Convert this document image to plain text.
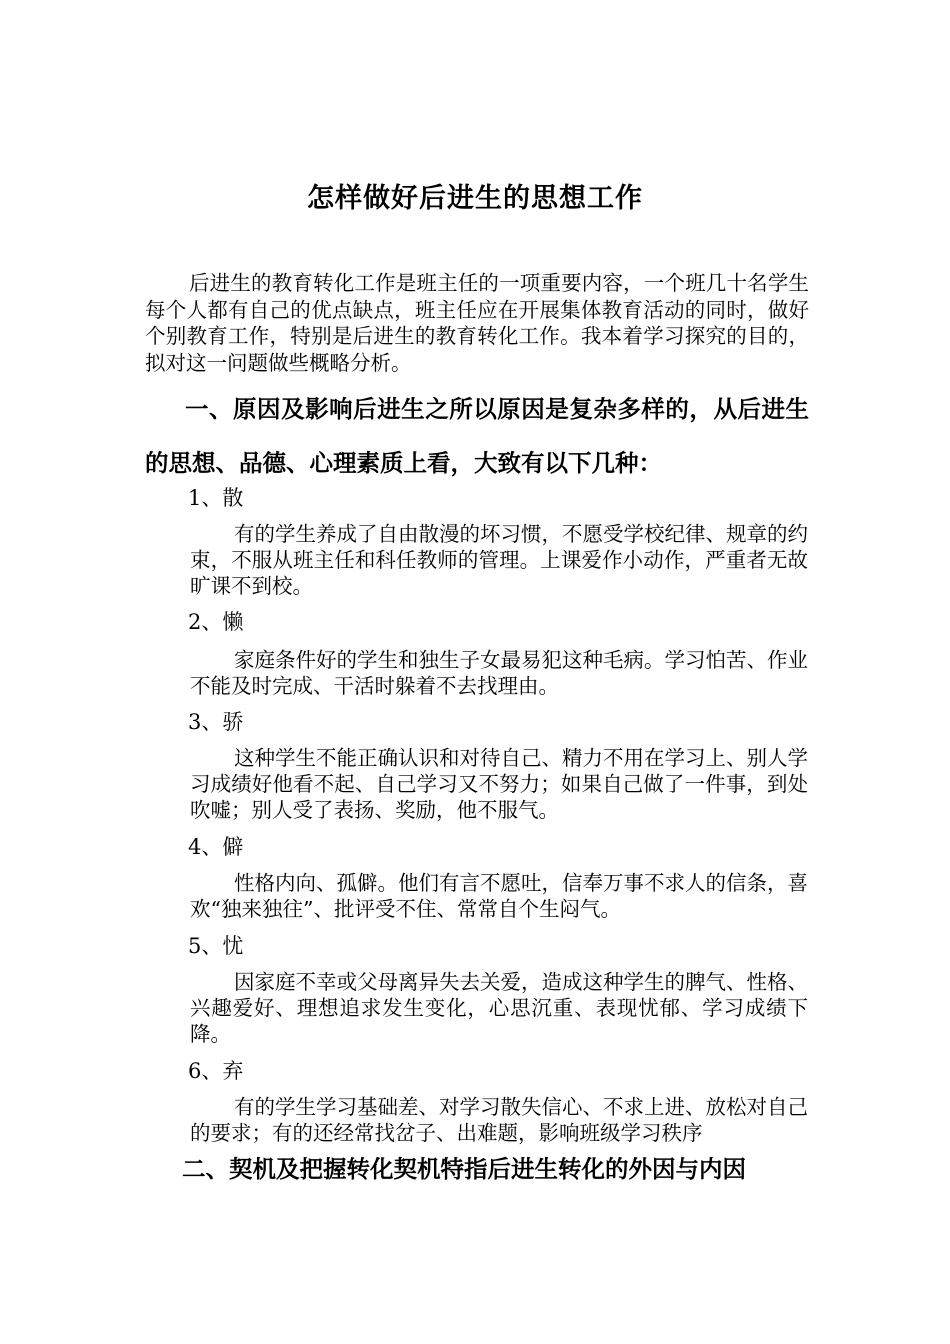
怎样做好后进生的思想工作

后进生的教育转化工作是班主任的一项重要内容，一个班几十名学生每个人都有自己的优点缺点，班主任应在开展集体教育活动的同时，做好个别教育工作，特别是后进生的教育转化工作。我本着学习探究的目的，拟对这一问题做些概略分析。

一、原因及影响后进生之所以原因是复杂多样的，从后进生的思想、品德、心理素质上看，大致有以下几种：

1、散

有的学生养成了自由散漫的坏习惯，不愿受学校纪律、规章的约束，不服从班主任和科任教师的管理。上课爱作小动作，严重者无故旷课不到校。

2、懒

家庭条件好的学生和独生子女最易犯这种毛病。学习怕苦、作业不能及时完成、干活时躲着不去找理由。

3、骄

这种学生不能正确认识和对待自己、精力不用在学习上、别人学习成绩好他看不起、自己学习又不努力；如果自己做了一件事，到处吹嘘；别人受了表扬、奖励，他不服气。

4、僻

性格内向、孤僻。他们有言不愿吐，信奉万事不求人的信条，喜欢“独来独往”、批评受不住、常常自个生闷气。

5、忧

因家庭不幸或父母离异失去关爱，造成这种学生的脾气、性格、兴趣爱好、理想追求发生变化，心思沉重、表现忧郁、学习成绩下降。

6、弃

有的学生学习基础差、对学习散失信心、不求上进、放松对自己的要求；有的还经常找岔子、出难题，影响班级学习秩序

二、契机及把握转化契机特指后进生转化的外因与内因
